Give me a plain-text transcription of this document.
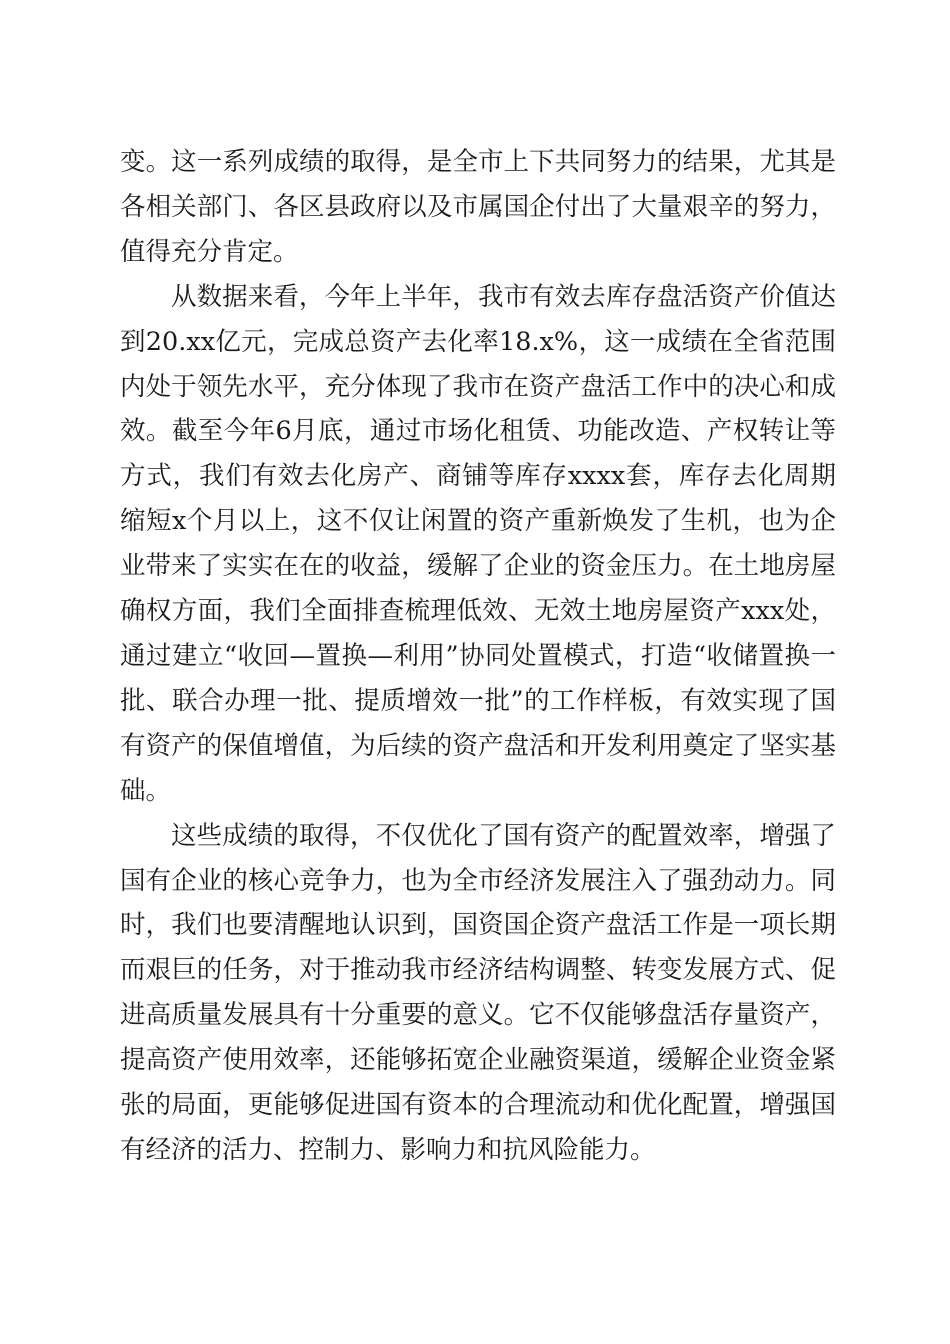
变。这一系列成绩的取得，是全市上下共同努力的结果，尤其是各相关部门、各区县政府以及市属国企付出了大量艰辛的努力，值得充分肯定。

从数据来看，今年上半年，我市有效去库存盘活资产价值达到20.xx亿元，完成总资产去化率18.x%，这一成绩在全省范围内处于领先水平，充分体现了我市在资产盘活工作中的决心和成效。截至今年6月底，通过市场化租赁、功能改造、产权转让等方式，我们有效去化房产、商铺等库存xxxx套，库存去化周期缩短x个月以上，这不仅让闲置的资产重新焕发了生机，也为企业带来了实实在在的收益，缓解了企业的资金压力。在土地房屋确权方面，我们全面排查梳理低效、无效土地房屋资产xxx处，通过建立“收回—置换—利用”协同处置模式，打造“收储置换一批、联合办理一批、提质增效一批”的工作样板，有效实现了国有资产的保值增值，为后续的资产盘活和开发利用奠定了坚实基础。

这些成绩的取得，不仅优化了国有资产的配置效率，增强了国有企业的核心竞争力，也为全市经济发展注入了强劲动力。同时，我们也要清醒地认识到，国资国企资产盘活工作是一项长期而艰巨的任务，对于推动我市经济结构调整、转变发展方式、促进高质量发展具有十分重要的意义。它不仅能够盘活存量资产，提高资产使用效率，还能够拓宽企业融资渠道，缓解企业资金紧张的局面，更能够促进国有资本的合理流动和优化配置，增强国有经济的活力、控制力、影响力和抗风险能力。
